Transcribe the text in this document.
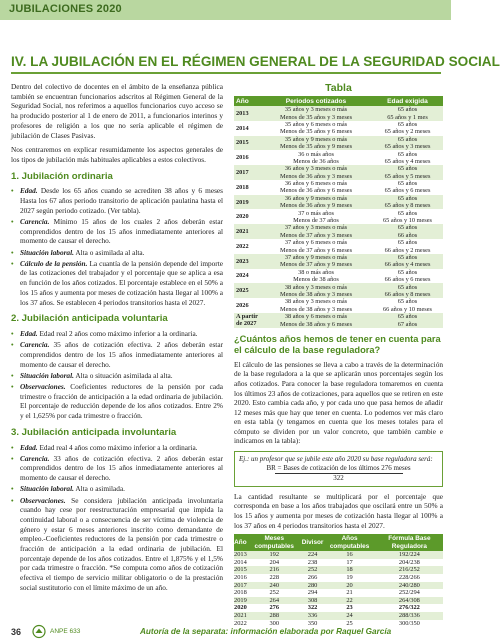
JUBILACIONES 2020
IV. LA JUBILACIÓN EN EL RÉGIMEN GENERAL DE LA SEGURIDAD SOCIAL

Dentro del colectivo de docentes en el ámbito de la enseñanza pública también se encuentran funcionarios adscritos al Régimen General de la Seguridad Social, nos referimos a aquellos funcionarios cuyo acceso se ha producido posterior al 1 de enero de 2011, a funcionarios interinos y profesores de religión a los que no sería aplicable el régimen de jubilación de Clases Pasivas.

Nos centraremos en explicar resumidamente los aspectos generales de los tipos de jubilación más habituales aplicables a estos colectivos.

1. Jubilación ordinaria
• Edad. Desde los 65 años cuando se acrediten 38 años y 6 meses Hasta los 67 años periodo transitorio de aplicación paulatina hasta el 2027 según periodo cotizado. (Ver tabla).
• Carencia. Mínimo 15 años de los cuales 2 años deberán estar comprendidos dentro de los 15 años inmediatamente anteriores al momento de causar el derecho.
• Situación laboral. Alta o asimilada al alta.
• Cálculo de la pensión. La cuantía de la pensión depende del importe de las cotizaciones del trabajador y el porcentaje que se aplica a esa en función de los años cotizados. El porcentaje establece en el 50% a los 15 años y aumenta por meses de cotización hasta llegar al 100% a los 37 años. Se establecen 4 periodos transitorios hasta el 2027.
2. Jubilación anticipada voluntaria
• Edad. Edad real 2 años como máximo inferior a la ordinaria.
• Carencia. 35 años de cotización efectiva. 2 años deberán estar comprendidos dentro de los 15 años inmediatamente anteriores al momento de causar el derecho.
• Situación laboral. Alta o situación asimilada al alta.
• Observaciones. Coeficientes reductores de la pensión por cada trimestre o fracción de anticipación a la edad ordinaria de jubilación. El porcentaje de reducción depende de los años cotizados. Entre 2% y el 1,625% por cada trimestre o fracción.
3. Jubilación anticipada involuntaria
• Edad. Edad real 4 años como máximo inferior a la ordinaria.
• Carencia. 33 años de cotización efectiva. 2 años deberán estar comprendidos dentro de los 15 años inmediatamente anteriores al momento de causar el derecho.
• Situación laboral. Alta o asimilada.
• Observaciones. Se considera jubilación anticipada involuntaria cuando hay cese por reestructuración empresarial que impida la continuidad laboral o a consecuencia de ser víctima de violencia de género y estar 6 meses anteriores inscrito como demandante de empleo.-Coeficientes reductores de la pensión por cada trimestre o fracción de anticipación a la edad ordinaria de jubilación. El porcentaje depende de los años cotizados. Entre el 1,875% y el 1,5% por cada trimestre o fracción. *Se computa como años de cotización efectiva el tiempo de servicio militar obligatorio o de la prestación social sustitutorio con el límite máximo de un año.
Tabla
Año	Periodos cotizados	Edad exigida
2013	35 años y 3 meses o más	65 años
	Menos de 35 años y 3 meses	65 años y 1 mes
2014	35 años y 6 meses o más	65 años
	Menos de 35 años y 6 meses	65 años y 2 meses
2015	35 años y 9 meses o más	65 años
	Menos de 35 años y 9 meses	65 años y 3 meses
2016	36 o más años	65 años
	Menos de 36 años	65 años y 4 meses
2017	36 años y 3 meses o más	65 años
	Menos de 36 años y 3 meses	65 años y 5 meses
2018	36 años y 6 meses o más	65 años
	Menos de 36 años y 6 meses	65 años y 6 meses
2019	36 años y 9 meses o más	65 años
	Menos de 36 años y 9 meses	65 años y 8 meses
2020	37 o más años	65 años
	Menos de 37 años	65 años y 10 meses
2021	37 años y 3 meses o más	65 años
	Menos de 37 años y 3 meses	66 años
2022	37 años y 6 meses o más	65 años
	Menos de 37 años y 6 meses	66 años y 2 meses
2023	37 años y 9 meses o más	65 años
	Menos de 37 años y 9 meses	66 años y 4 meses
2024	38 o más años	65 años
	Menos de 38 años	66 años y 6 meses
2025	38 años y 3 meses o más	65 años
	Menos de 38 años y 3 meses	66 años y 8 meses
2026	38 años y 3 meses o más	65 años
	Menos de 38 años y 3 meses	66 años y 10 meses
A partir de 2027	38 años y 6 meses o más	65 años
	Menos de 38 años y 6 meses	67 años
¿Cuántos años hemos de tener en cuenta para el cálculo de la base reguladora?

El cálculo de las pensiones se lleva a cabo a través de la determinación de la base reguladora a la que se aplicarán unos porcentajes según los años cotizados. Para conocer la base reguladora tomaremos en cuenta los últimos 23 años de cotizaciones, para aquellos que se retiren en este 2020. Esto cambia cada año, y por cada uno que pasa hemos de añadir 12 meses más que hay que tener en cuenta. Lo podemos ver más claro en esta tabla (y tengamos en cuenta que los meses totales para el cómputo se dividen por un valor concreto, que también cambie e indicamos en la tabla):

Ej.: un profesor que se jubile este año 2020 su base reguladora será:
BR = Bases de cotización de los últimos 276 meses
322

La cantidad resultante se multiplicará por el porcentaje que corresponda en base a los años trabajados que oscilará entre un 50% a los 15 años y aumenta por meses de cotización hasta llegar al 100% a los 37 años en 4 periodos transitorios hasta el 2027.

Año	Meses computables	Divisor	Años computables	Fórmula Base Reguladora
2013	192	224	16	192/224
2014	204	238	17	204/238
2015	216	252	18	216/252
2016	228	266	19	228/266
2017	240	280	20	240/280
2018	252	294	21	252/294
2019	264	308	22	264/308
2020	276	322	23	276/322
2021	288	336	24	288/336
2022	300	350	25	300/350
36	ANPE 633	Autoría de la separata: información elaborada por Raquel García
